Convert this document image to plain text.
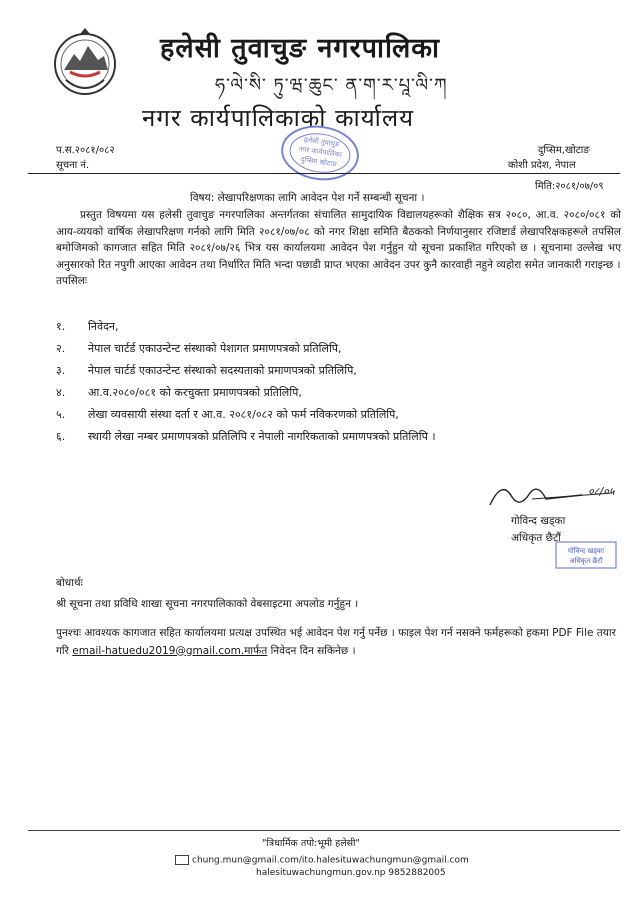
हलेसी तुवाचुङ नगरपालिका
ཧ་ལེ་སི་ ཏུ་ཝ་ཆུང་ ན་ག་ར་པཱ་ལི་ཀ
नगर कार्यपालिकाको कार्यालय
प.स.२०८१/०८२
सूचना नं.
दुप्सिम,खोटाङ
कोशी प्रदेश, नेपाल
हलेसी तुवाचुङ
नगर कार्यपालिका
दुप्सिम खोटाङ
मिति:२०८१/०७/०९
विषय: लेखापरिक्षणका लागि आवेदन पेश गर्ने सम्बन्धी सूचना ।

प्रस्तुत विषयमा यस हलेसी तुवाचुङ नगरपालिका अन्तर्गतका संचालित सामुदायिक विद्यालयहरूको शैक्षिक सत्र २०८०, आ.व. २०८०/०८१ को आय-व्ययको वार्षिक लेखापरिक्षण गर्नको लागि मिति २०८१/०७/०८ को नगर शिक्षा समिति बैठकको निर्णयानुसार रजिष्टार्ड लेखापरिक्षकहरूले तपसिल बमोजिमको कागजात सहित मिति २०८१/०७/२६ भित्र यस कार्यालयमा आवेदन पेश गर्नुहुन यो सूचना प्रकाशित गरिएको छ । सूचनामा उल्लेख भए अनुसारको रित नपुगी आएका आवेदन तथा निर्धारित मिति भन्दा पछाडी प्राप्त भएका आवेदन उपर कुनै कारवाही नहुने व्यहोरा समेत जानकारी गराइन्छ ।

तपसिलः

१. निवेदन,
२. नेपाल चार्टर्ड एकाउन्टेन्ट संस्थाको पेशागत प्रमाणपत्रको प्रतिलिपि,
३. नेपाल चार्टर्ड एकाउन्टेन्ट संस्थाको सदस्यताको प्रमाणपत्रको प्रतिलिपि,
४. आ.व.२०८०/०८१ को करचुक्ता प्रमाणपत्रको प्रतिलिपि,
५. लेखा व्यवसायी संस्था दर्ता र आ.व. २०८१/०८२ को फर्म नविकरणको प्रतिलिपि,
६. स्थायी लेखा नम्बर प्रमाणपत्रको प्रतिलिपि र नेपाली नागरिकताको प्रमाणपत्रको प्रतिलिपि ।
०८/०५
गोविन्द खड्का
अधिकृत छैटौं
गोविन्द खड्का
अधिकृत छैटौं
बोधार्थः
श्री सूचना तथा प्रविधि शाखा सूचना नगरपालिकाको वेबसाइटमा अपलोड गर्नुहुन ।
पुनश्चः आवश्यक कागजात सहित कार्यालयमा प्रत्यक्ष उपस्थित भई आवेदन पेश गर्नु पर्नेछ । फाइल पेश गर्न नसक्ने फर्महरूको हकमा PDF File तयार गरि email-hatuedu2019@gmail.com.मार्फत निवेदन दिन सकिनेछ ।
"त्रिधार्मिक तपो:भूमी हलेसी"
chung.mun@gmail.com/ito.halesituwachungmun@gmail.com
halesituwachungmun.gov.np 9852882005
